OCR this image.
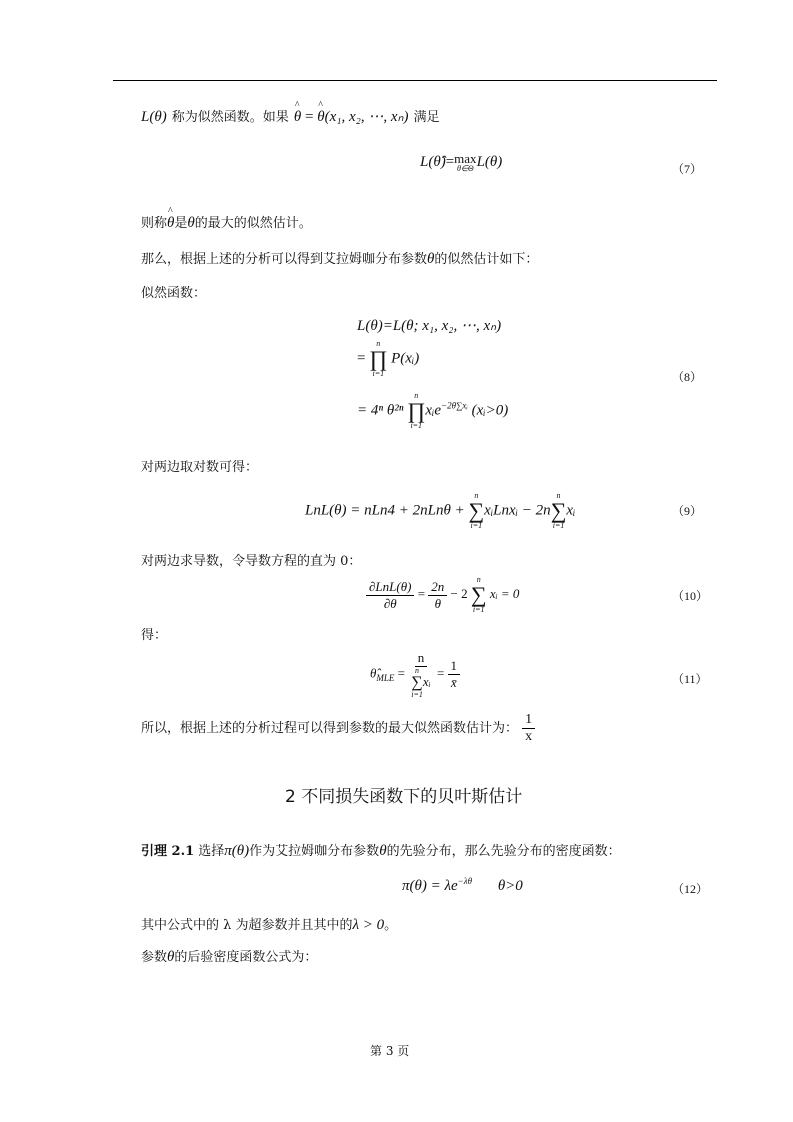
L(θ) 称为似然函数。如果 ^ θ = ^ θ(x₁, x₂, ⋯, xₙ) 满足
L(θ̂)= max
θ∈Θ L(θ)	（7）
则称^ θ是θ的最大的似然估计。
那么，根据上述的分析可以得到艾拉姆咖分布参数θ的似然估计如下：
似然函数：
L(θ)=L(θ; x₁, x₂, ⋯, xₙ)
=
n
∏
i=1
P(xᵢ)
= 4ⁿ θ²ⁿ
n
∏
i=1
xᵢe$^{-2\theta\sum xᵢ}$ (xᵢ>0)
（8）
对两边取对数可得：
LnL(θ) = nLn4 + 2nLnθ +
n
∑
i=1
xᵢLnxᵢ − 2n
n
∑
i=1
xᵢ	（9）
对两边求导数，令导数方程的直为 0：
$\frac{\text{∂LnL(θ)}}{\partial\theta} = \frac{2n}{\theta} - 2$
n
∑
i=1
xᵢ = 0	（10）
得：
$\thetâ_{MLE} = n$
n
∑
i=1
xᵢ = $\frac{1}{x̄}$	（11）
所以，根据上述的分析过程可以得到参数的最大似然函数估计为： $\frac{1}{x}$
2 不同损失函数下的贝叶斯估计
引理 2.1 选择π(θ)作为艾拉姆咖分布参数θ的先验分布，那么先验分布的密度函数：
$\pi(\theta) = \lambda e^{-\lambda\theta}$ θ>0	（12）
其中公式中的 λ 为超参数并且其中的λ > 0。
参数θ的后验密度函数公式为：
第 3 页
